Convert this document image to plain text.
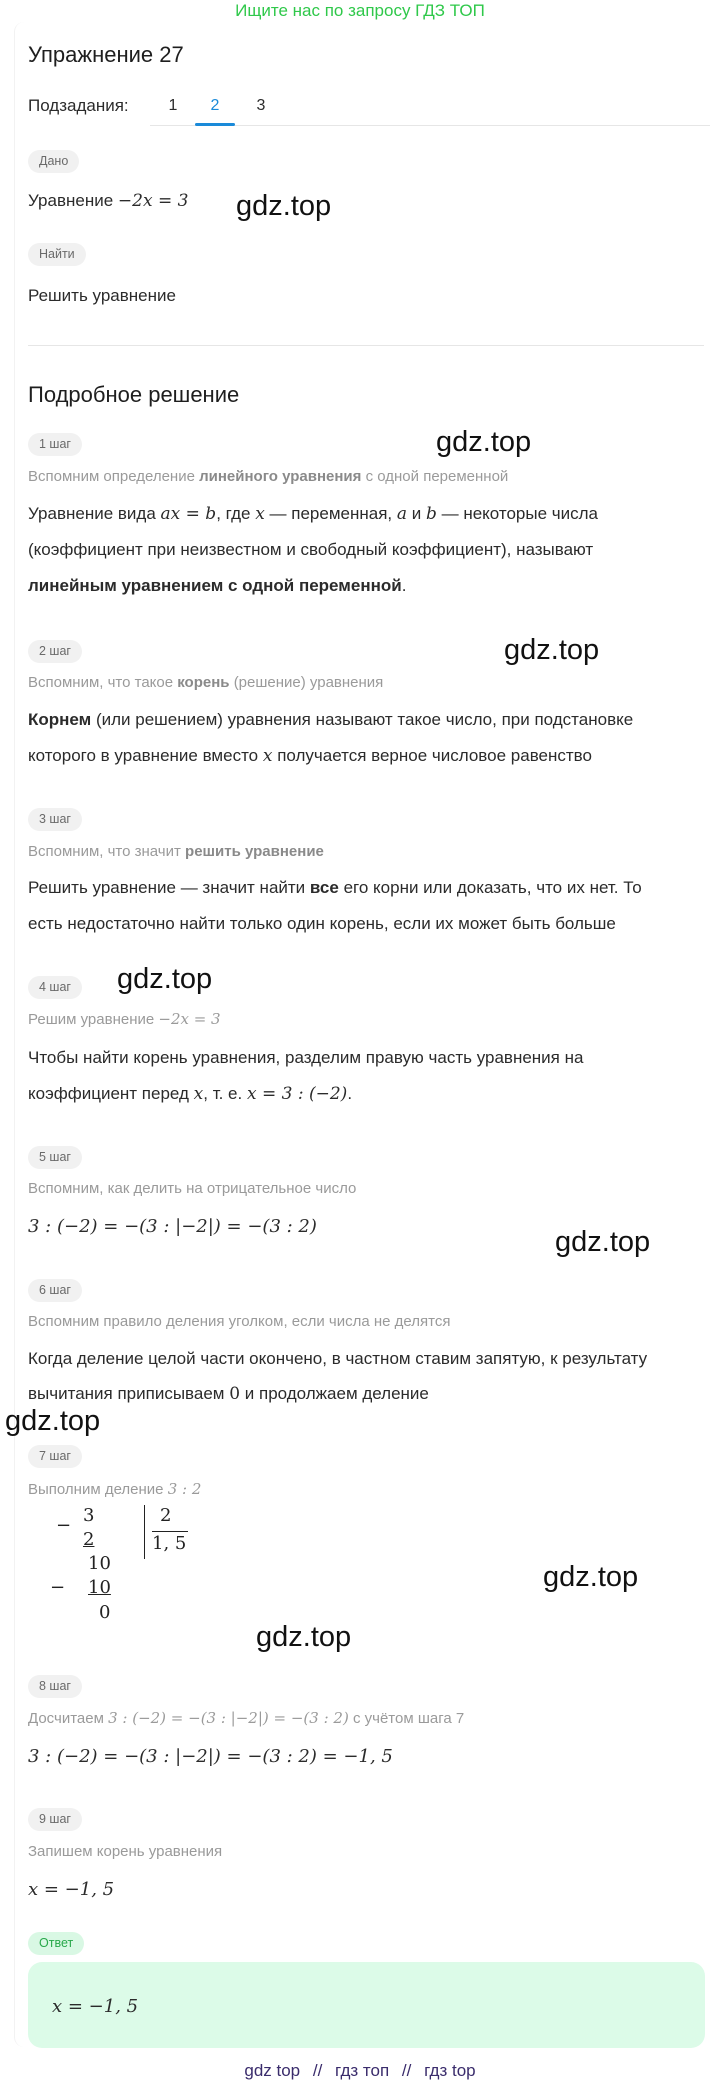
Ищите нас по запросу ГДЗ ТОП
Упражнение 27
Подзадания:	1	2	3
Дано
Уравнение −2x = 3
Найти
Решить уравнение
Подробное решение
1 шаг
Вспомним определение линейного уравнения с одной переменной
Уравнение вида ax = b, где x — переменная, a и b — некоторые числа
(коэффициент при неизвестном и свободный коэффициент), называют
линейным уравнением с одной переменной.
2 шаг
Вспомним, что такое корень (решение) уравнения
Корнем (или решением) уравнения называют такое число, при подстановке
которого в уравнение вместо x получается верное числовое равенство
3 шаг
Вспомним, что значит решить уравнение
Решить уравнение — значит найти все его корни или доказать, что их нет. То
есть недостаточно найти только один корень, если их может быть больше
4 шаг
Решим уравнение −2x = 3
Чтобы найти корень уравнения, разделим правую часть уравнения на
коэффициент перед x, т. е. x = 3 : (−2).
5 шаг
Вспомним, как делить на отрицательное число
3 : (−2) = −(3 : |−2|) = −(3 : 2)
6 шаг
Вспомним правило деления уголком, если числа не делятся
Когда деление целой части окончено, в частном ставим запятую, к результату
вычитания приписываем 0 и продолжаем деление
7 шаг
Выполним деление 3 : 2
− 3
2
10
− 10
0
2
1, 5
8 шаг
Досчитаем 3 : (−2) = −(3 : |−2|) = −(3 : 2) с учётом шага 7
3 : (−2) = −(3 : |−2|) = −(3 : 2) = −1, 5
9 шаг
Запишем корень уравнения
x = −1, 5
Ответ
x = −1, 5
gdz.top
gdz.top
gdz.top
gdz.top
gdz.top
gdz.top
gdz.top
gdz.top
gdz top // гдз топ // гдз top
